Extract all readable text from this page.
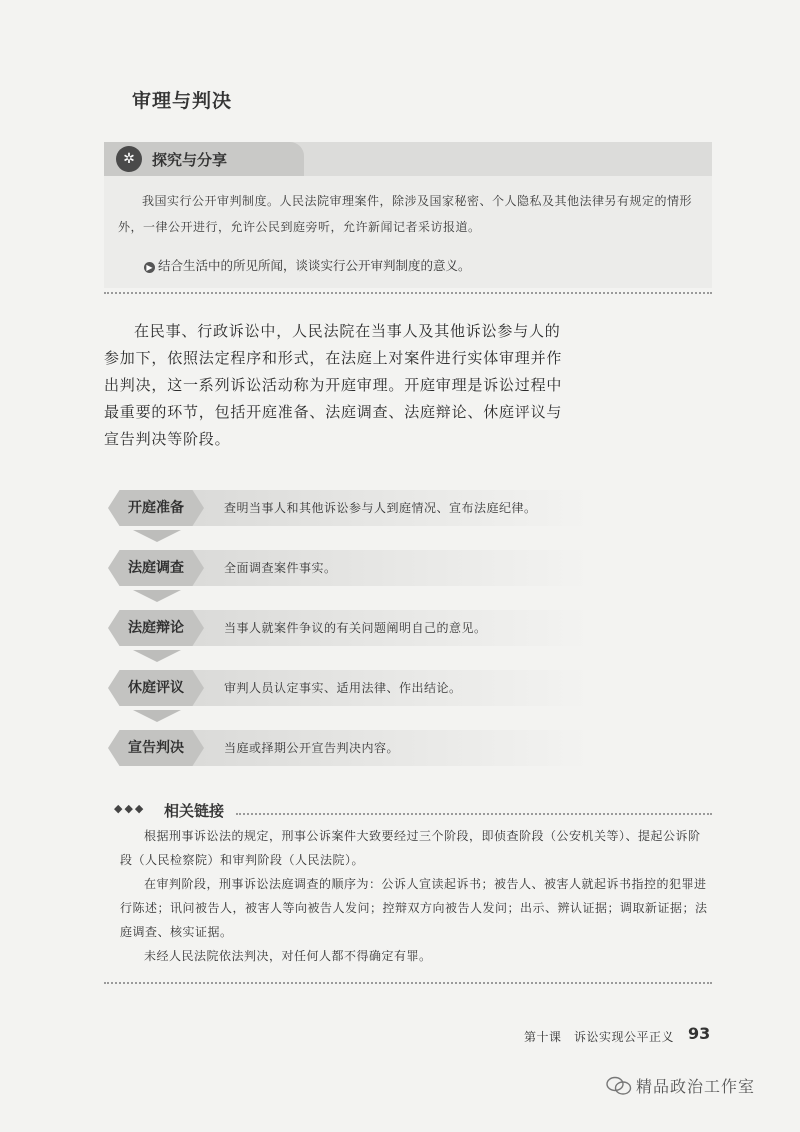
审理与判决
✲	探究与分享
我国实行公开审判制度。人民法院审理案件，除涉及国家秘密、个人隐私及其他法律另有规定的情形外，一律公开进行，允许公民到庭旁听，允许新闻记者采访报道。
▶ 结合生活中的所见所闻，谈谈实行公开审判制度的意义。
在民事、行政诉讼中，人民法院在当事人及其他诉讼参与人的参加下，依照法定程序和形式，在法庭上对案件进行实体审理并作出判决，这一系列诉讼活动称为开庭审理。开庭审理是诉讼过程中最重要的环节，包括开庭准备、法庭调查、法庭辩论、休庭评议与宣告判决等阶段。
开庭准备	查明当事人和其他诉讼参与人到庭情况、宣布法庭纪律。
法庭调查	全面调查案件事实。
法庭辩论	当事人就案件争议的有关问题阐明自己的意见。
休庭评议	审判人员认定事实、适用法律、作出结论。
宣告判决	当庭或择期公开宣告判决内容。
◆◆◆ 相关链接
根据刑事诉讼法的规定，刑事公诉案件大致要经过三个阶段，即侦查阶段（公安机关等）、提起公诉阶段（人民检察院）和审判阶段（人民法院）。
在审判阶段，刑事诉讼法庭调查的顺序为：公诉人宣读起诉书；被告人、被害人就起诉书指控的犯罪进行陈述；讯问被告人，被害人等向被告人发问；控辩双方向被告人发问；出示、辨认证据；调取新证据；法庭调查、核实证据。
未经人民法院依法判决，对任何人都不得确定有罪。
第十课　诉讼实现公平正义 93
精品政治工作室
